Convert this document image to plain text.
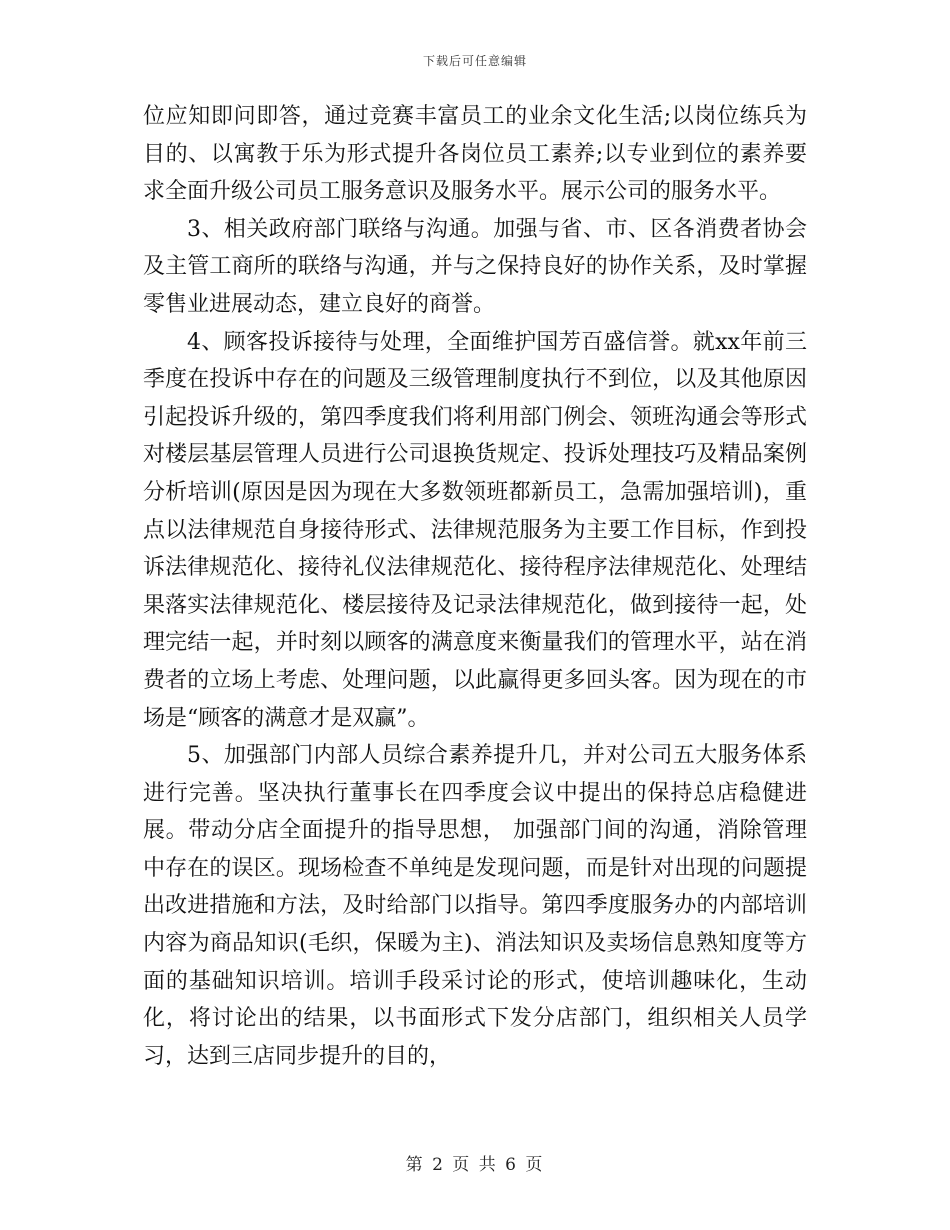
下载后可任意编辑

位应知即问即答，通过竞赛丰富员工的业余文化生活;以岗位练兵为目的、以寓教于乐为形式提升各岗位员工素养;以专业到位的素养要求全面升级公司员工服务意识及服务水平。展示公司的服务水平。

3、相关政府部门联络与沟通。加强与省、市、区各消费者协会及主管工商所的联络与沟通，并与之保持良好的协作关系，及时掌握零售业进展动态，建立良好的商誉。

4、顾客投诉接待与处理，全面维护国芳百盛信誉。就xx年前三季度在投诉中存在的问题及三级管理制度执行不到位，以及其他原因引起投诉升级的，第四季度我们将利用部门例会、领班沟通会等形式对楼层基层管理人员进行公司退换货规定、投诉处理技巧及精品案例分析培训(原因是因为现在大多数领班都新员工，急需加强培训)，重点以法律规范自身接待形式、法律规范服务为主要工作目标，作到投诉法律规范化、接待礼仪法律规范化、接待程序法律规范化、处理结果落实法律规范化、楼层接待及记录法律规范化，做到接待一起，处理完结一起，并时刻以顾客的满意度来衡量我们的管理水平，站在消费者的立场上考虑、处理问题，以此赢得更多回头客。因为现在的市场是“顾客的满意才是双赢”。

5、加强部门内部人员综合素养提升几，并对公司五大服务体系进行完善。坚决执行董事长在四季度会议中提出的保持总店稳健进展。带动分店全面提升的指导思想， 加强部门间的沟通，消除管理中存在的误区。现场检查不单纯是发现问题，而是针对出现的问题提出改进措施和方法，及时给部门以指导。第四季度服务办的内部培训内容为商品知识(毛织，保暖为主)、消法知识及卖场信息熟知度等方面的基础知识培训。培训手段采讨论的形式，使培训趣味化，生动化，将讨论出的结果，以书面形式下发分店部门，组织相关人员学习，达到三店同步提升的目的，

第 2 页 共 6 页
